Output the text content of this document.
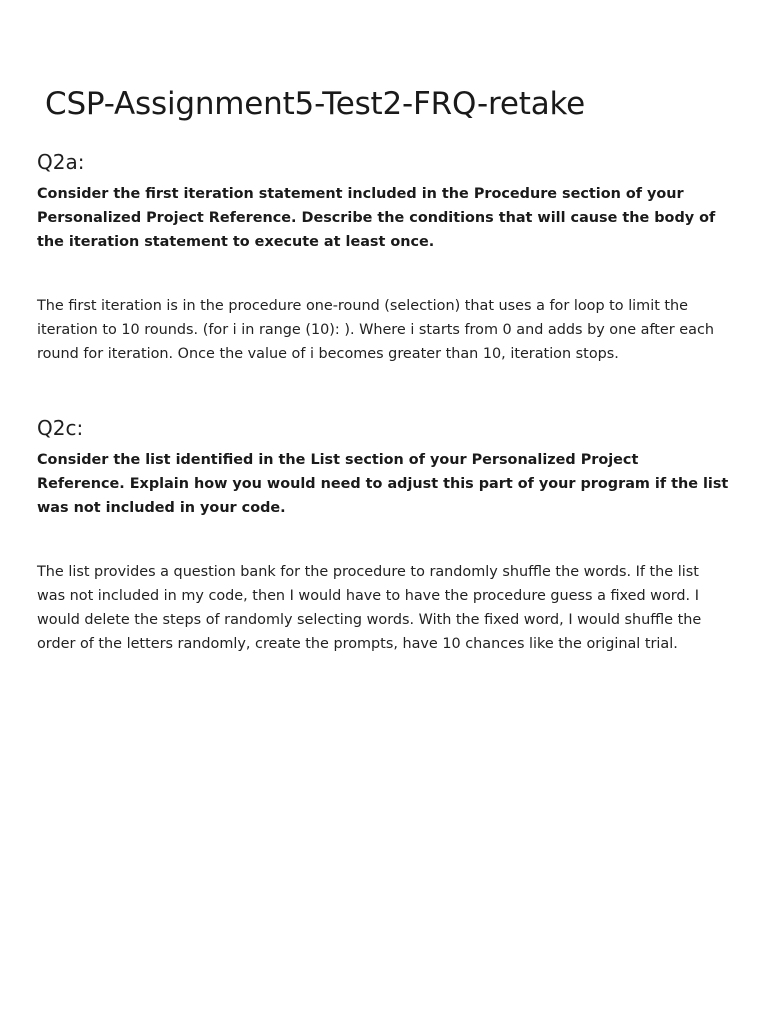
CSP-Assignment5-Test2-FRQ-retake
Q2a:

Consider the first iteration statement included in the Procedure section of your Personalized Project Reference. Describe the conditions that will cause the body of the iteration statement to execute at least once.

The first iteration is in the procedure one-round (selection) that uses a for loop to limit the iteration to 10 rounds. (for i in range (10): ). Where i starts from 0 and adds by one after each round for iteration. Once the value of i becomes greater than 10, iteration stops.

Q2c:

Consider the list identified in the List section of your Personalized Project Reference. Explain how you would need to adjust this part of your program if the list was not included in your code.

The list provides a question bank for the procedure to randomly shuffle the words. If the list was not included in my code, then I would have to have the procedure guess a fixed word. I would delete the steps of randomly selecting words. With the fixed word, I would shuffle the order of the letters randomly, create the prompts, have 10 chances like the original trial.
